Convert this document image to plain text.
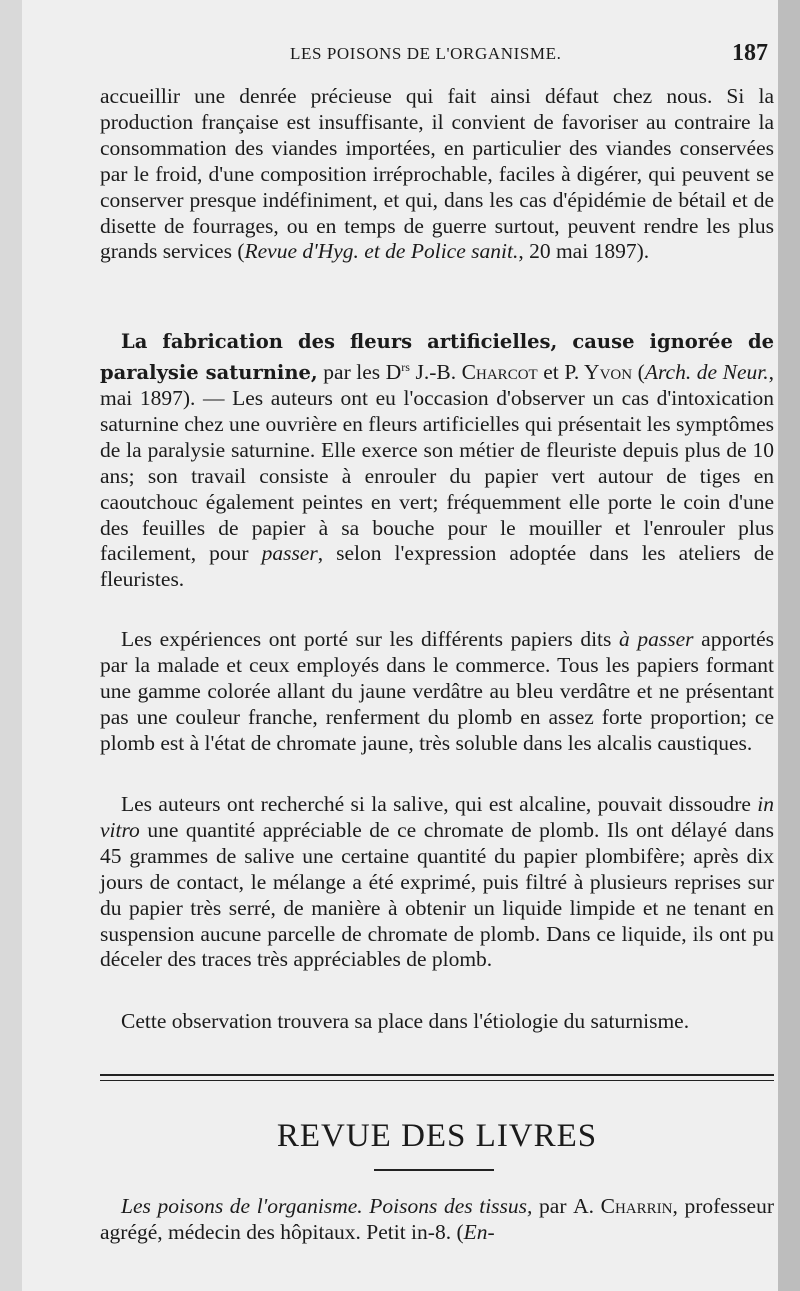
LES POISONS DE L'ORGANISME.	187

accueillir une denrée précieuse qui fait ainsi défaut chez nous. Si la production française est insuffisante, il convient de favoriser au contraire la consommation des viandes importées, en particulier des viandes conservées par le froid, d'une composition irréprochable, faciles à digérer, qui peuvent se conserver presque indéfiniment, et qui, dans les cas d'épidémie de bétail et de disette de fourrages, ou en temps de guerre surtout, peuvent rendre les plus grands services (Revue d'Hyg. et de Police sanit., 20 mai 1897).

La fabrication des fleurs artificielles, cause ignorée de paralysie saturnine, par les $D^{rs}$ J.-B. Charcot et P. Yvon (Arch. de Neur., mai 1897). — Les auteurs ont eu l'occasion d'observer un cas d'intoxication saturnine chez une ouvrière en fleurs artificielles qui présentait les symptômes de la paralysie saturnine. Elle exerce son métier de fleuriste depuis plus de 10 ans; son travail consiste à enrouler du papier vert autour de tiges en caoutchouc également peintes en vert; fréquemment elle porte le coin d'une des feuilles de papier à sa bouche pour le mouiller et l'enrouler plus facilement, pour passer, selon l'expression adoptée dans les ateliers de fleuristes.

Les expériences ont porté sur les différents papiers dits à passer apportés par la malade et ceux employés dans le commerce. Tous les papiers formant une gamme colorée allant du jaune verdâtre au bleu verdâtre et ne présentant pas une couleur franche, renferment du plomb en assez forte proportion; ce plomb est à l'état de chromate jaune, très soluble dans les alcalis caustiques.

Les auteurs ont recherché si la salive, qui est alcaline, pouvait dissoudre in vitro une quantité appréciable de ce chromate de plomb. Ils ont délayé dans 45 grammes de salive une certaine quantité du papier plombifère; après dix jours de contact, le mélange a été exprimé, puis filtré à plusieurs reprises sur du papier très serré, de manière à obtenir un liquide limpide et ne tenant en suspension aucune parcelle de chromate de plomb. Dans ce liquide, ils ont pu déceler des traces très appréciables de plomb.

Cette observation trouvera sa place dans l'étiologie du saturnisme.

REVUE DES LIVRES

Les poisons de l'organisme. Poisons des tissus, par A. Charrin, professeur agrégé, médecin des hôpitaux. Petit in-8. (En-
